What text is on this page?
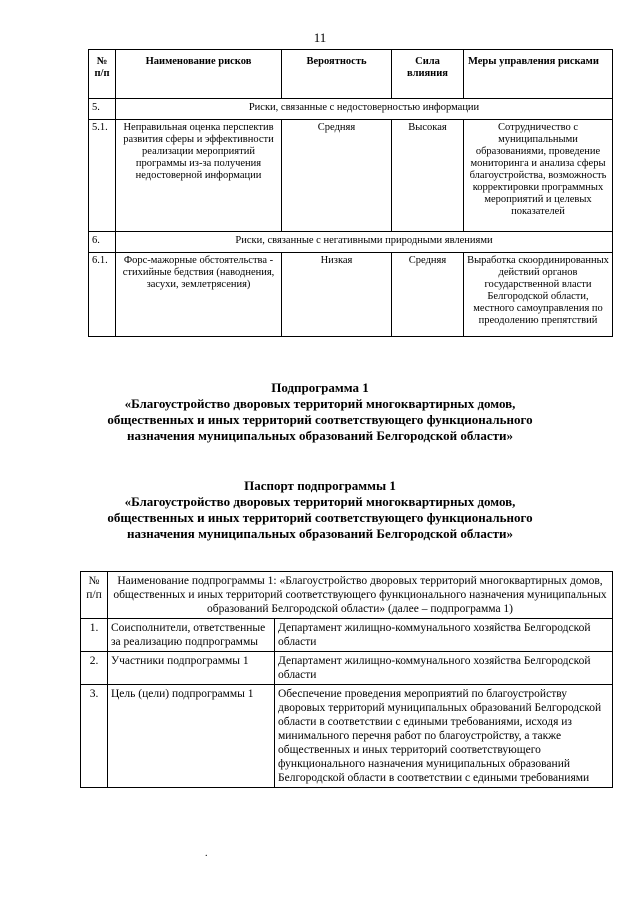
11
№ п/п	Наименование рисков	Вероятность	Сила влияния	Меры управления рисками
5.	Риски, связанные с недостоверностью информации			
5.1.	Неправильная оценка перспектив развития сферы и эффективности реализации мероприятий программы из-за получения недостоверной информации	Средняя	Высокая	Сотрудничество с муниципальными образованиями, проведение мониторинга и анализа сферы благоустройства, возможность корректировки программных мероприятий и целевых показателей
6.	Риски, связанные с негативными природными явлениями			
6.1.	Форс-мажорные обстоятельства - стихийные бедствия (наводнения, засухи, землетрясения)	Низкая	Средняя	Выработка скоординированных действий органов государственной власти Белгородской области, местного самоуправления по преодолению препятствий
Подпрограмма 1
«Благоустройство дворовых территорий многоквартирных домов,
общественных и иных территорий соответствующего функционального
назначения муниципальных образований Белгородской области»
Паспорт подпрограммы 1
«Благоустройство дворовых территорий многоквартирных домов,
общественных и иных территорий соответствующего функционального
назначения муниципальных образований Белгородской области»
№ п/п	Наименование подпрограммы 1: «Благоустройство дворовых территорий многоквартирных домов, общественных и иных территорий соответствующего функционального назначения муниципальных образований Белгородской области» (далее – подпрограмма 1)	
1.	Соисполнители, ответственные за реализацию подпрограммы	Департамент жилищно-коммунального хозяйства Белгородской области
2.	Участники подпрограммы 1	Департамент жилищно-коммунального хозяйства Белгородской области
3.	Цель (цели) подпрограммы 1	Обеспечение проведения мероприятий по благоустройству дворовых территорий муниципальных образований Белгородской области в соответствии с едиными требованиями, исходя из минимального перечня работ по благоустройству, а также общественных и иных территорий соответствующего функционального назначения муниципальных образований Белгородской области в соответствии с едиными требованиями
.
